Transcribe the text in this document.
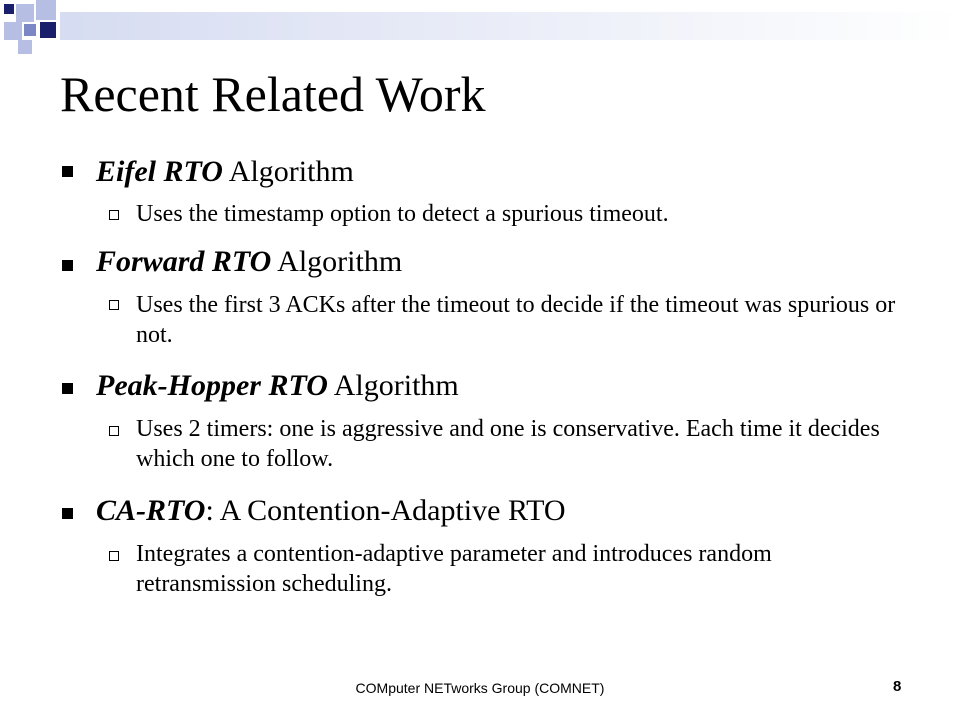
Recent Related Work
Eifel RTO Algorithm
Uses the timestamp option to detect a spurious timeout.
Forward RTO Algorithm
Uses the first 3 ACKs after the timeout to decide if the timeout was spurious or not.
Peak-Hopper RTO Algorithm
Uses 2 timers: one is aggressive and one is conservative. Each time it decides which one to follow.
CA-RTO: A Contention-Adaptive RTO
Integrates a contention-adaptive parameter and introduces random retransmission scheduling.
COMputer NETworks Group (COMNET)	8
